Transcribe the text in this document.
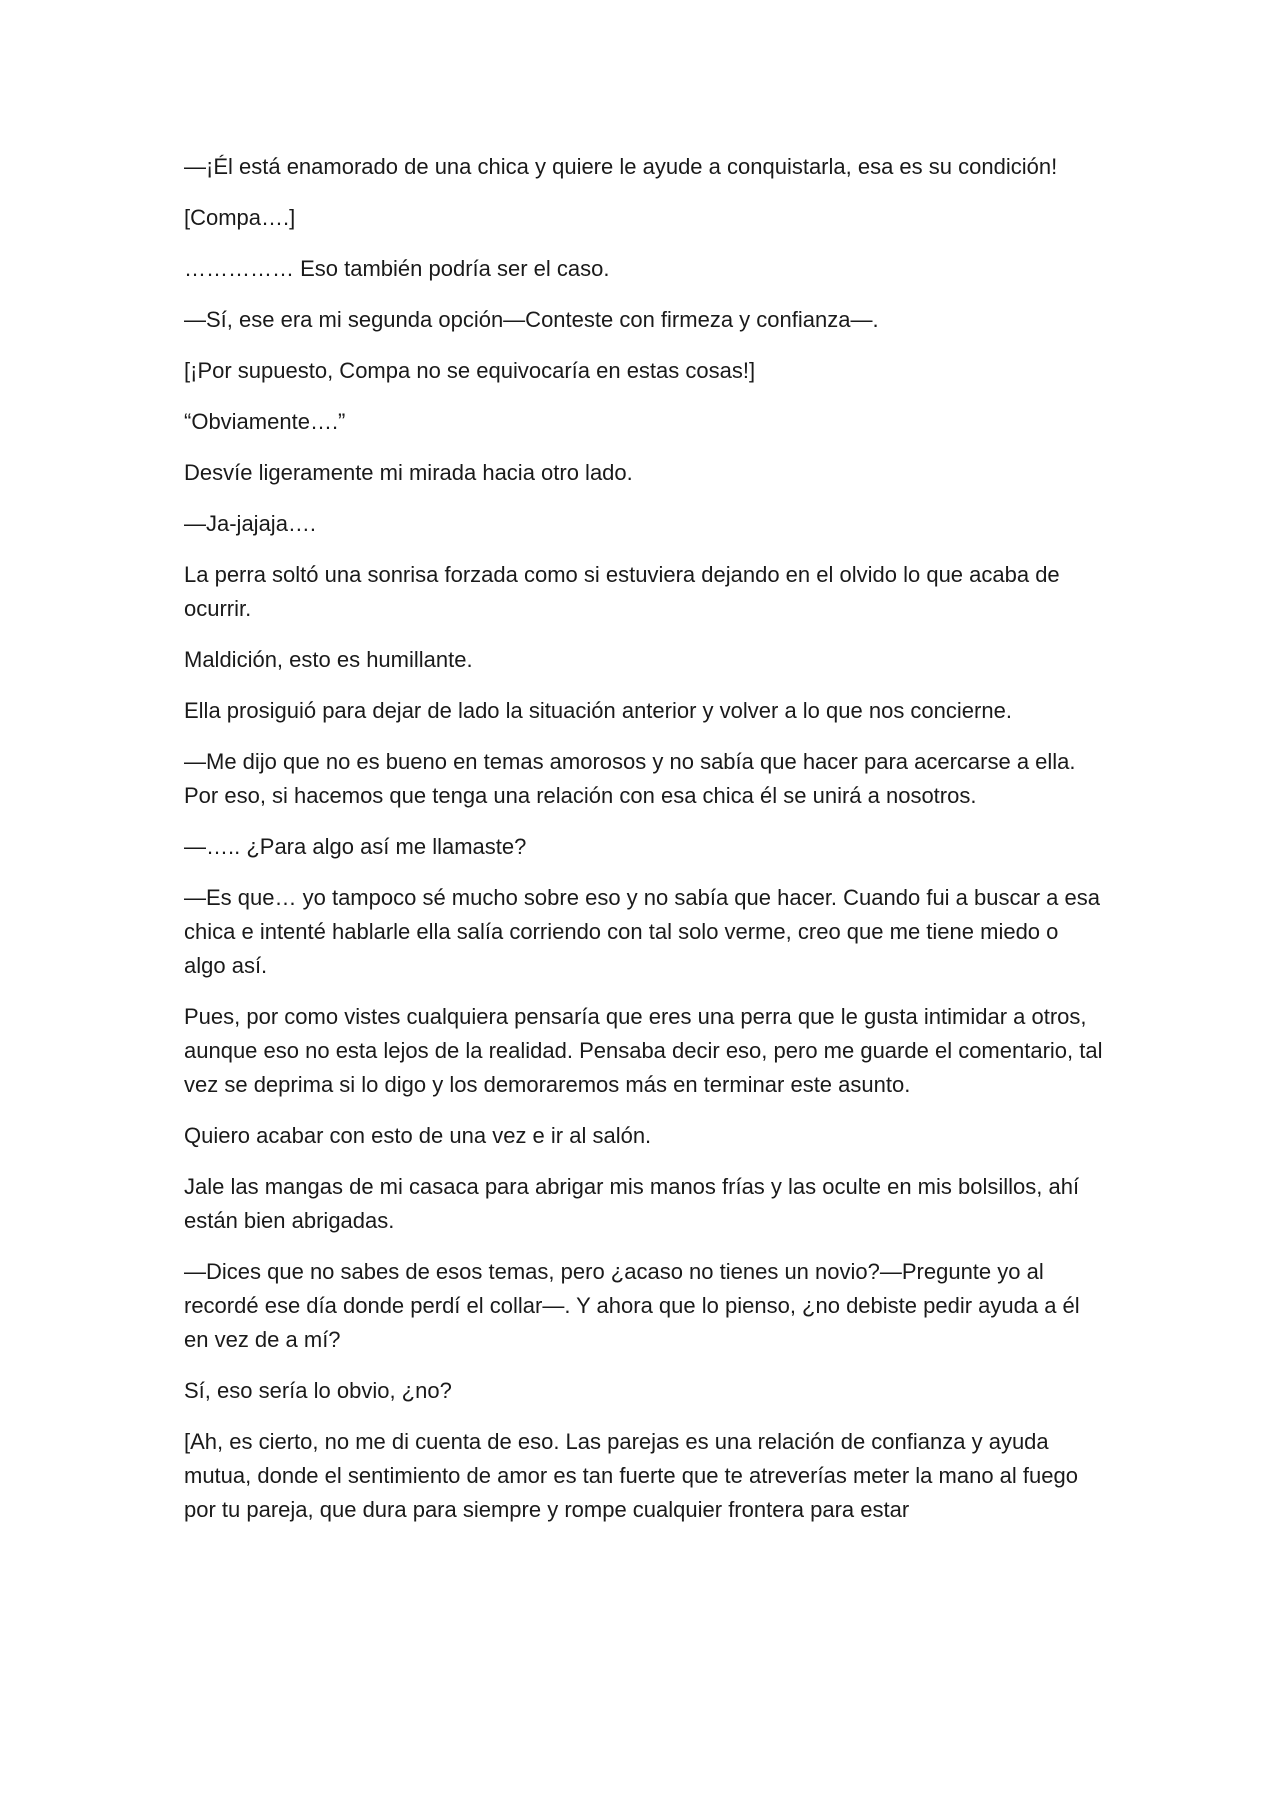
—¡Él está enamorado de una chica y quiere le ayude a conquistarla, esa es su condición!

[Compa….]

…………… Eso también podría ser el caso.

—Sí, ese era mi segunda opción—Conteste con firmeza y confianza—.

[¡Por supuesto, Compa no se equivocaría en estas cosas!]

“Obviamente….”

Desvíe ligeramente mi mirada hacia otro lado.

—Ja-jajaja….

La perra soltó una sonrisa forzada como si estuviera dejando en el olvido lo que acaba de ocurrir.

Maldición, esto es humillante.

Ella prosiguió para dejar de lado la situación anterior y volver a lo que nos concierne.

—Me dijo que no es bueno en temas amorosos y no sabía que hacer para acercarse a ella. Por eso, si hacemos que tenga una relación con esa chica él se unirá a nosotros.

—….. ¿Para algo así me llamaste?

—Es que… yo tampoco sé mucho sobre eso y no sabía que hacer. Cuando fui a buscar a esa chica e intenté hablarle ella salía corriendo con tal solo verme, creo que me tiene miedo o algo así.

Pues, por como vistes cualquiera pensaría que eres una perra que le gusta intimidar a otros, aunque eso no esta lejos de la realidad. Pensaba decir eso, pero me guarde el comentario, tal vez se deprima si lo digo y los demoraremos más en terminar este asunto.

Quiero acabar con esto de una vez e ir al salón.

Jale las mangas de mi casaca para abrigar mis manos frías y las oculte en mis bolsillos, ahí están bien abrigadas.

—Dices que no sabes de esos temas, pero ¿acaso no tienes un novio?—Pregunte yo al recordé ese día donde perdí el collar—. Y ahora que lo pienso, ¿no debiste pedir ayuda a él en vez de a mí?

Sí, eso sería lo obvio, ¿no?

[Ah, es cierto, no me di cuenta de eso. Las parejas es una relación de confianza y ayuda mutua, donde el sentimiento de amor es tan fuerte que te atreverías meter la mano al fuego por tu pareja, que dura para siempre y rompe cualquier frontera para estar
